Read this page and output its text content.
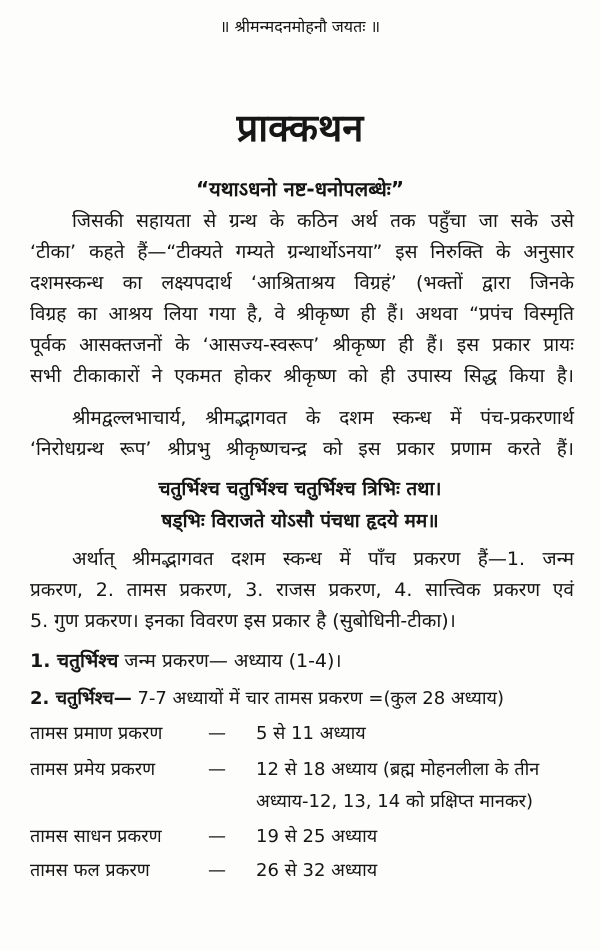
॥ श्रीमन्मदनमोहनौ जयतः ॥
प्राक्कथन
“यथाऽधनो नष्ट-धनोपलब्धेः”
जिसकी सहायता से ग्रन्थ के कठिन अर्थ तक पहुँचा जा सके उसे
‘टीका’ कहते हैं—“टीक्यते गम्यते ग्रन्थार्थोऽनया” इस निरुक्ति के अनुसार
दशमस्कन्ध का लक्ष्यपदार्थ ‘आश्रिताश्रय विग्रहं’ (भक्तों द्वारा जिनके
विग्रह का आश्रय लिया गया है, वे श्रीकृष्ण ही हैं। अथवा “प्रपंच विस्मृति
पूर्वक आसक्तजनों के ‘आसज्य-स्वरूप’ श्रीकृष्ण ही हैं। इस प्रकार प्रायः
सभी टीकाकारों ने एकमत होकर श्रीकृष्ण को ही उपास्य सिद्ध किया है।
श्रीमद्वल्लभाचार्य, श्रीमद्भागवत के दशम स्कन्ध में पंच-प्रकरणार्थ
‘निरोधग्रन्थ रूप’ श्रीप्रभु श्रीकृष्णचन्द्र को इस प्रकार प्रणाम करते हैं।
चतुर्भिश्च चतुर्भिश्च चतुर्भिश्च त्रिभिः तथा।
षड्भिः विराजते योऽसौ पंचधा हृदये मम॥
अर्थात् श्रीमद्भागवत दशम स्कन्ध में पाँच प्रकरण हैं—1. जन्म
प्रकरण, 2. तामस प्रकरण, 3. राजस प्रकरण, 4. सात्त्विक प्रकरण एवं
5. गुण प्रकरण। इनका विवरण इस प्रकार है (सुबोधिनी-टीका)।
1. चतुर्भिश्च जन्म प्रकरण— अध्याय (1-4)।
2. चतुर्भिश्च— 7-7 अध्यायों में चार तामस प्रकरण =(कुल 28 अध्याय)
तामस प्रमाण प्रकरण	— 5 से 11 अध्याय
तामस प्रमेय प्रकरण	— 12 से 18 अध्याय (ब्रह्म मोहनलीला के तीन
अध्याय-12, 13, 14 को प्रक्षिप्त मानकर)
तामस साधन प्रकरण	— 19 से 25 अध्याय
तामस फल प्रकरण	— 26 से 32 अध्याय
